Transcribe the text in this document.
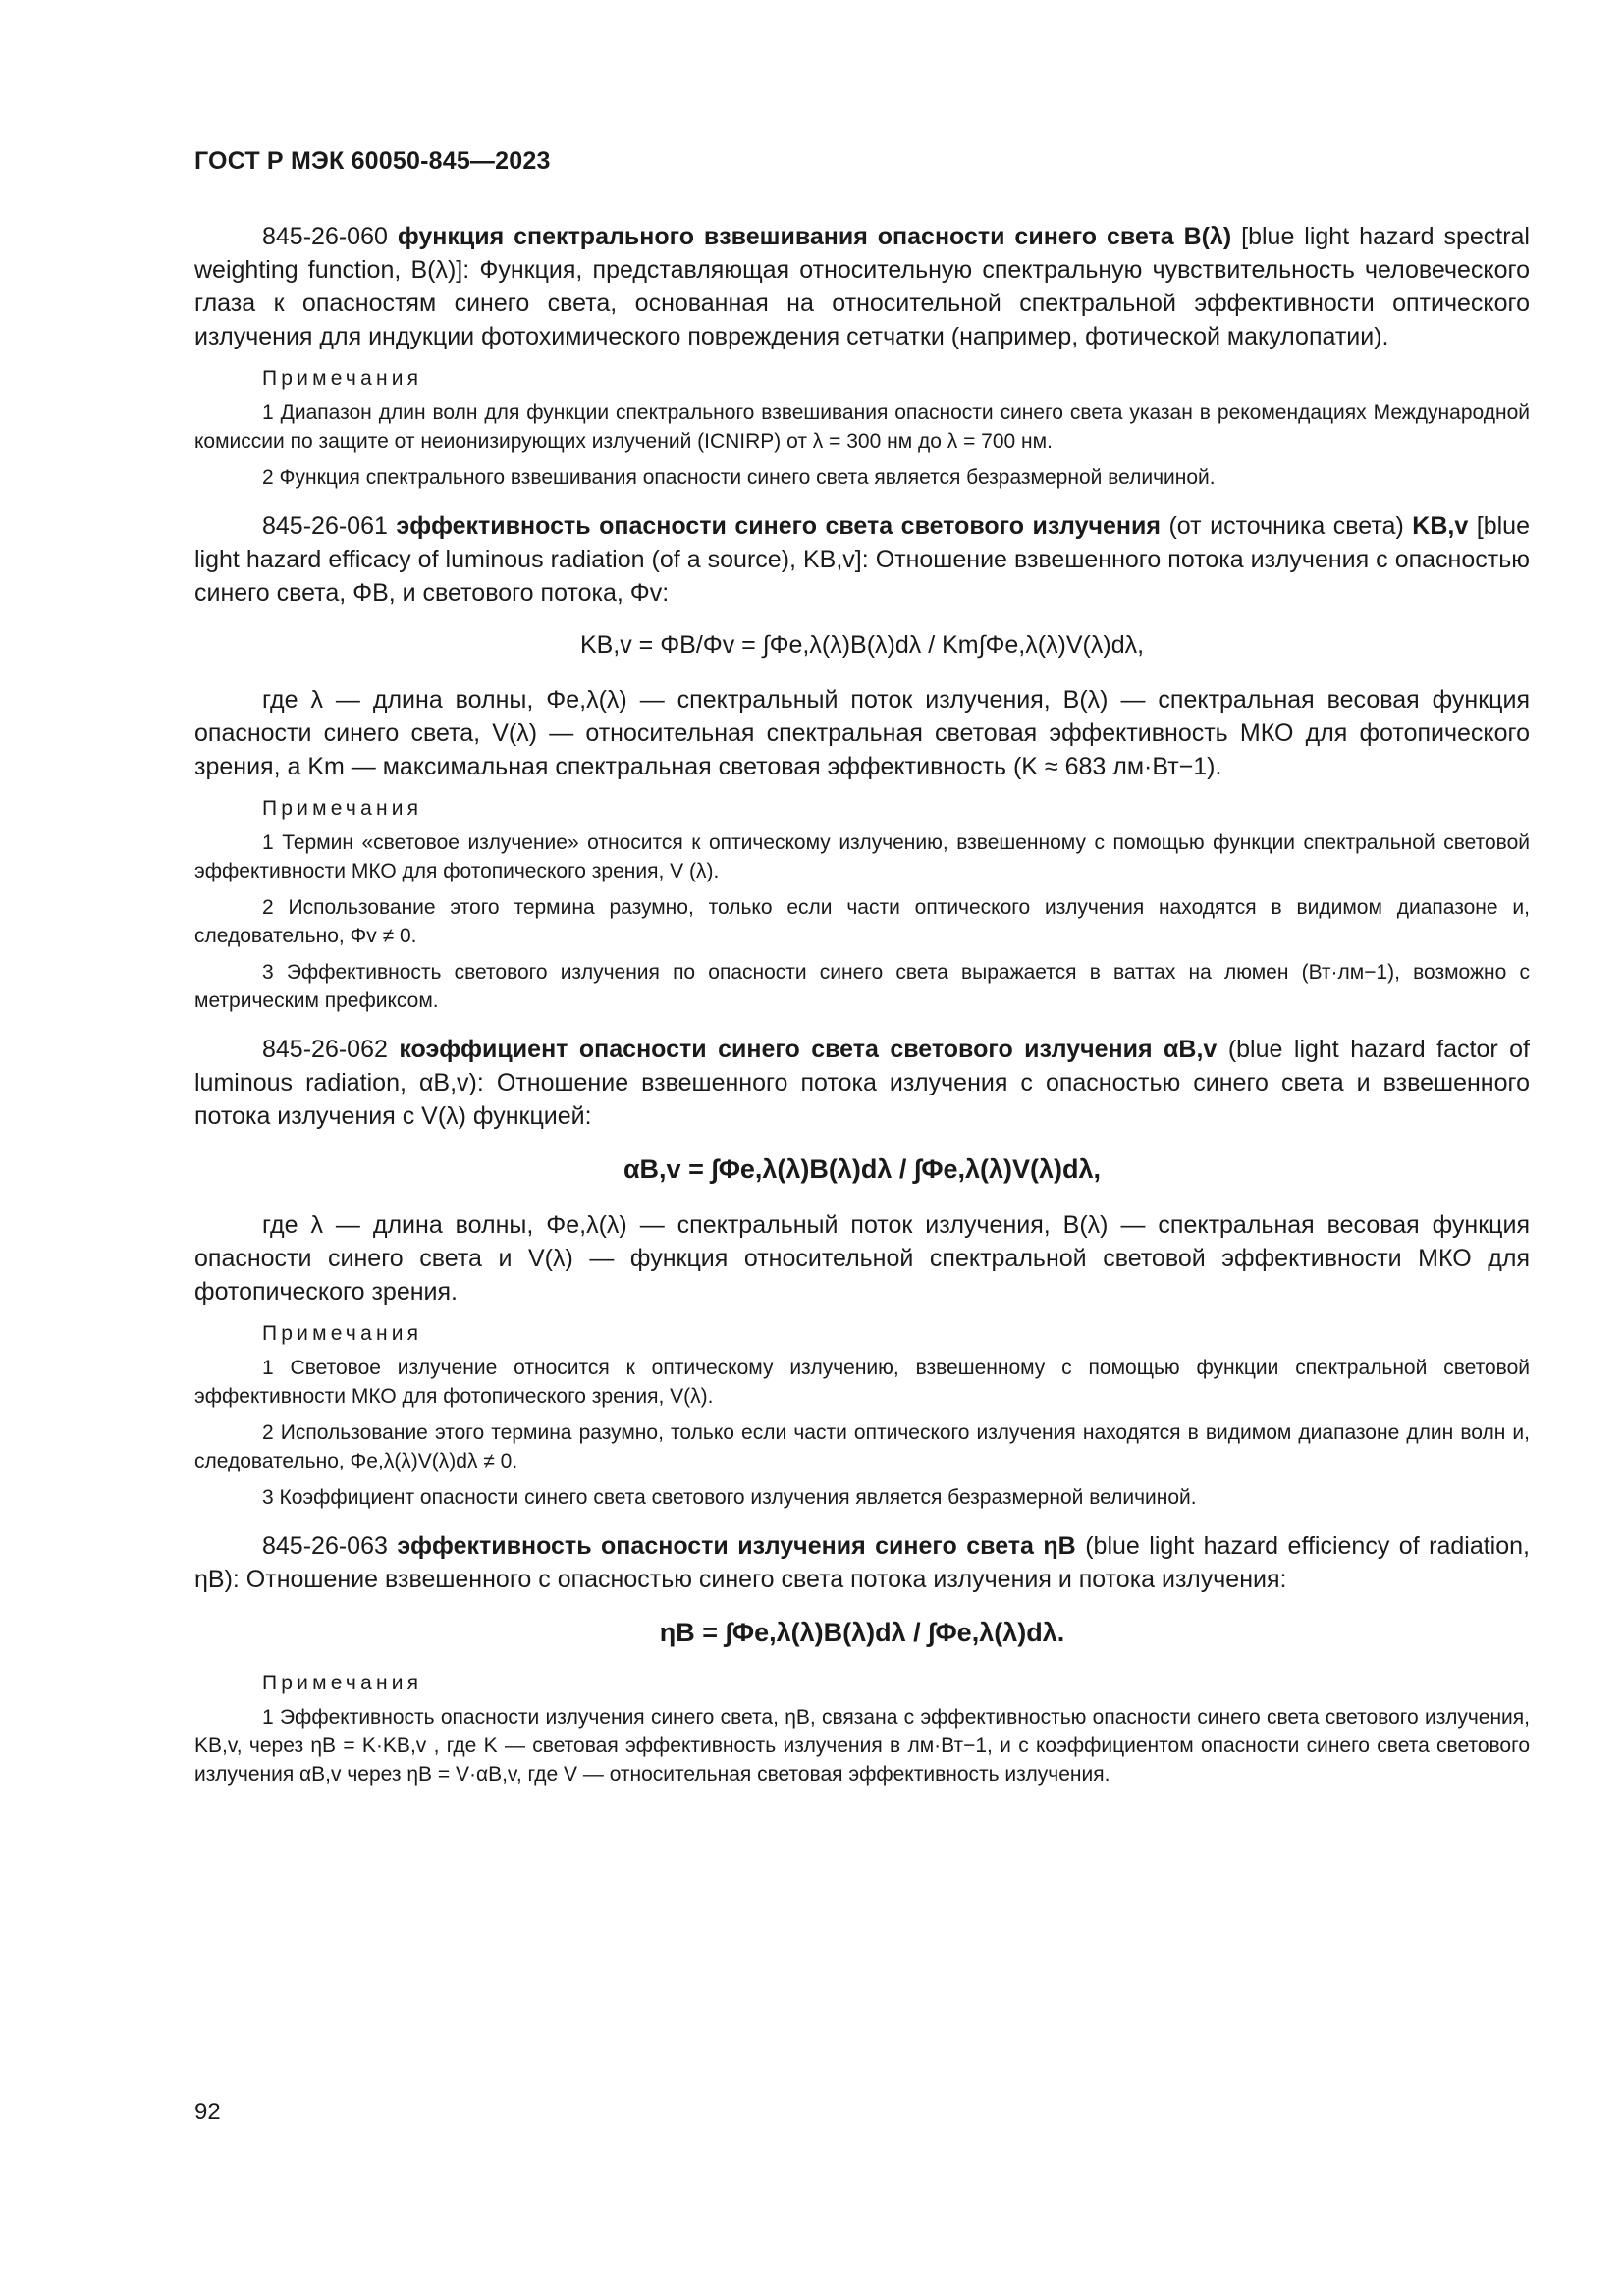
ГОСТ Р МЭК 60050-845—2023

845-26-060 функция спектрального взвешивания опасности синего света B(λ) [blue light hazard spectral weighting function, B(λ)]: Функция, представляющая относительную спектральную чувствительность человеческого глаза к опасностям синего света, основанная на относительной спектральной эффективности оптического излучения для индукции фотохимического повреждения сетчатки (например, фотической макулопатии).

Примечания

1 Диапазон длин волн для функции спектрального взвешивания опасности синего света указан в рекомендациях Международной комиссии по защите от неионизирующих излучений (ICNIRP) от λ = 300 нм до λ = 700 нм.

2 Функция спектрального взвешивания опасности синего света является безразмерной величиной.

845-26-061 эффективность опасности синего света светового излучения (от источника света) KB,v [blue light hazard efficacy of luminous radiation (of a source), KB,v]: Отношение взвешенного потока излучения с опасностью синего света, ΦB, и светового потока, Φv:

KB,v = ΦB/Φv = ∫Φe,λ(λ)B(λ)dλ / Km∫Φe,λ(λ)V(λ)dλ,

где λ — длина волны, Φe,λ(λ) — спектральный поток излучения, B(λ) — спектральная весовая функция опасности синего света, V(λ) — относительная спектральная световая эффективность МКО для фотопического зрения, а Km — максимальная спектральная световая эффективность (K ≈ 683 лм·Вт−1).

Примечания

1 Термин «световое излучение» относится к оптическому излучению, взвешенному с помощью функции спектральной световой эффективности МКО для фотопического зрения, V (λ).

2 Использование этого термина разумно, только если части оптического излучения находятся в видимом диапазоне и, следовательно, Φv ≠ 0.

3 Эффективность светового излучения по опасности синего света выражается в ваттах на люмен (Вт·лм−1), возможно с метрическим префиксом.

845-26-062 коэффициент опасности синего света светового излучения αB,v (blue light hazard factor of luminous radiation, αB,v): Отношение взвешенного потока излучения с опасностью синего света и взвешенного потока излучения с V(λ) функцией:

αB,v = ∫Φe,λ(λ)B(λ)dλ / ∫Φe,λ(λ)V(λ)dλ,

где λ — длина волны, Φe,λ(λ) — спектральный поток излучения, B(λ) — спектральная весовая функция опасности синего света и V(λ) — функция относительной спектральной световой эффективности МКО для фотопического зрения.

Примечания

1 Световое излучение относится к оптическому излучению, взвешенному с помощью функции спектральной световой эффективности МКО для фотопического зрения, V(λ).

2 Использование этого термина разумно, только если части оптического излучения находятся в видимом диапазоне длин волн и, следовательно, Φe,λ(λ)V(λ)dλ ≠ 0.

3 Коэффициент опасности синего света светового излучения является безразмерной величиной.

845-26-063 эффективность опасности излучения синего света ηB (blue light hazard efficiency of radiation, ηB): Отношение взвешенного с опасностью синего света потока излучения и потока излучения:

ηB = ∫Φe,λ(λ)B(λ)dλ / ∫Φe,λ(λ)dλ.
Примечания

1 Эффективность опасности излучения синего света, ηB, связана с эффективностью опасности синего света светового излучения, KB,v, через ηB = K·KB,v , где K — световая эффективность излучения в лм·Вт−1, и с коэффициентом опасности синего света светового излучения αB,v через ηB = V·αB,v, где V — относительная световая эффективность излучения.

92
